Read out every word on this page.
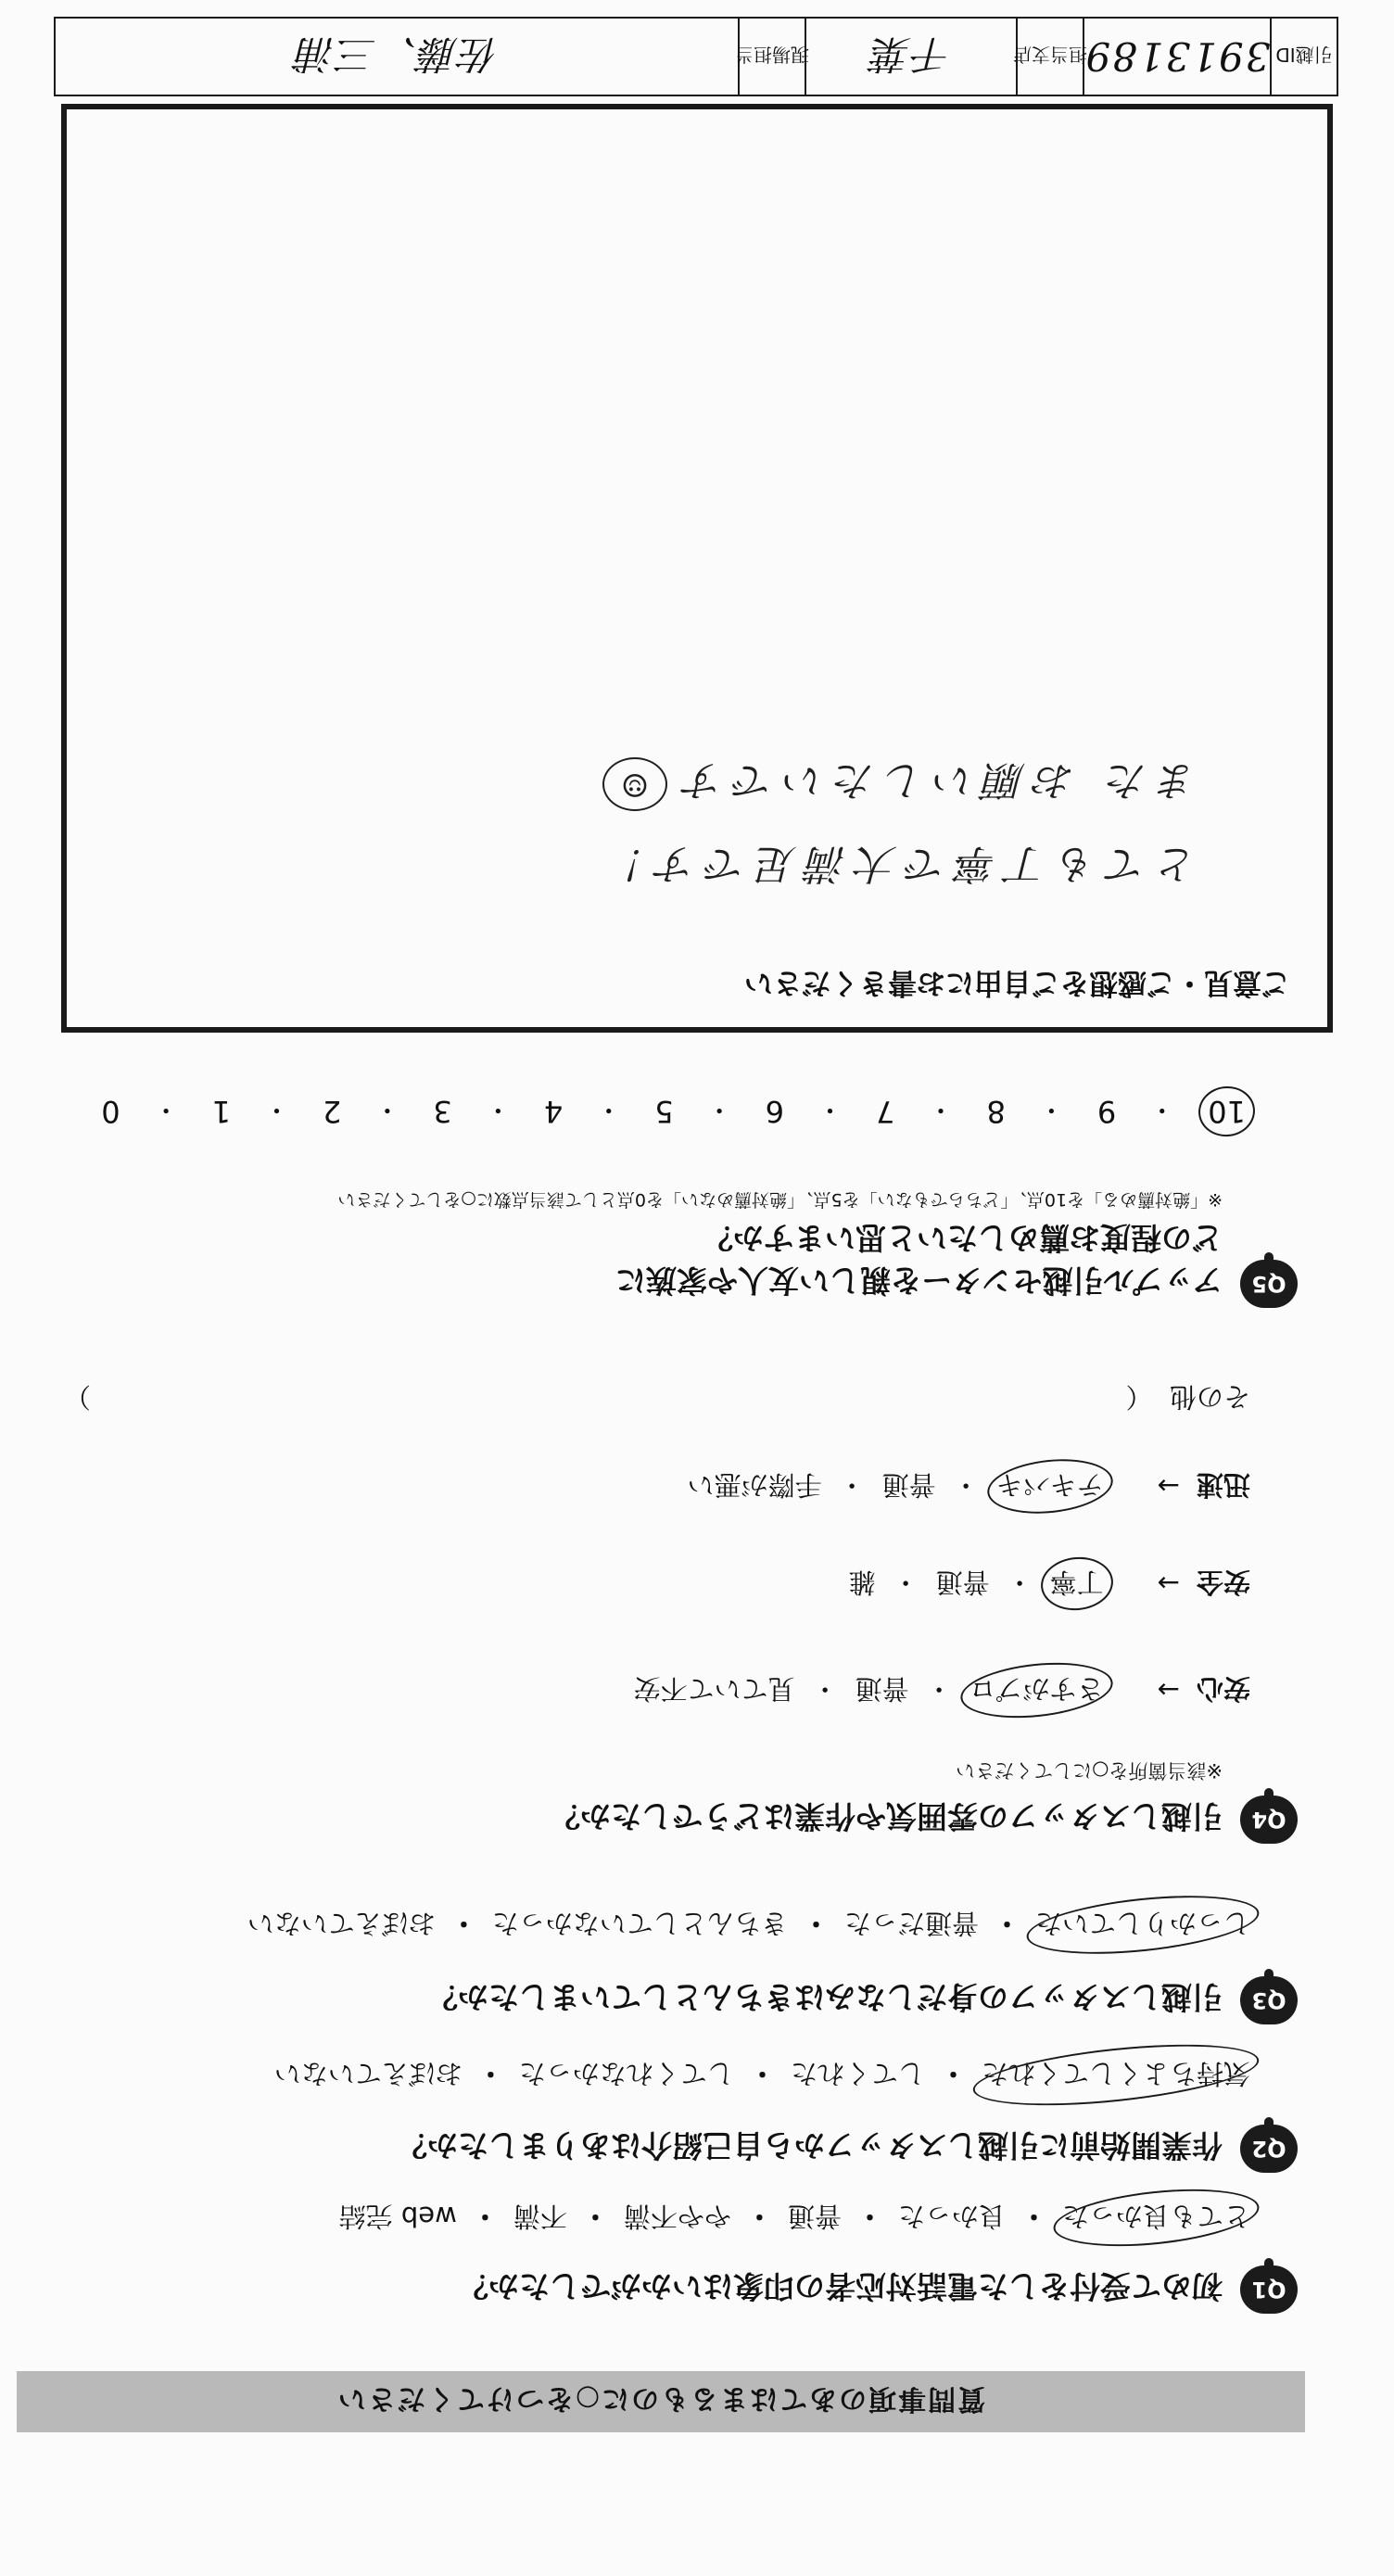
質問事項のあてはまるものに○をつけてください
Q1
初めて受付をした電話対応者の印象はいかがでしたか？
とても良かった
・
良かった
・
普通
・
やや不満
・
不満
・
web 完結
Q2
作業開始前に引越しスタッフから自己紹介はありましたか？
気持ちよくしてくれた
・
してくれた
・
してくれなかった
・
おぼえていない
Q3
引越しスタッフの身だしなみはきちんとしていましたか？
しっかりしていた
・
普通だった
・
きちんとしていなかった
・
おぼえていない
Q4
引越しスタッフの雰囲気や作業はどうでしたか？
※該当箇所を○にしてください
安心
→
さすがプロ
・
普通
・
見ていて不安
安全
→
丁寧
・
普通
・
雑
迅速
→
テキパキ
・
普通
・
手際が悪い
その他  （
）
Q5
アップル引越センターを親しい友人や家族に
どの程度お薦めしたいと思いますか？
※「絶対薦める」を10点、「どちらでもない」を5点、「絶対薦めない」を0点として該当点数に○をしてください
10
・
9
・
8
・
7
・
6
・
5
・
4
・
3
・
2
・
1
・
0
ご意見・ご感想をご自由にお書きください
とても丁寧で大満足です！
また お願いしたいです
☺
引越ID
3913189
担当支店
千葉
現場担当
佐藤、三浦
